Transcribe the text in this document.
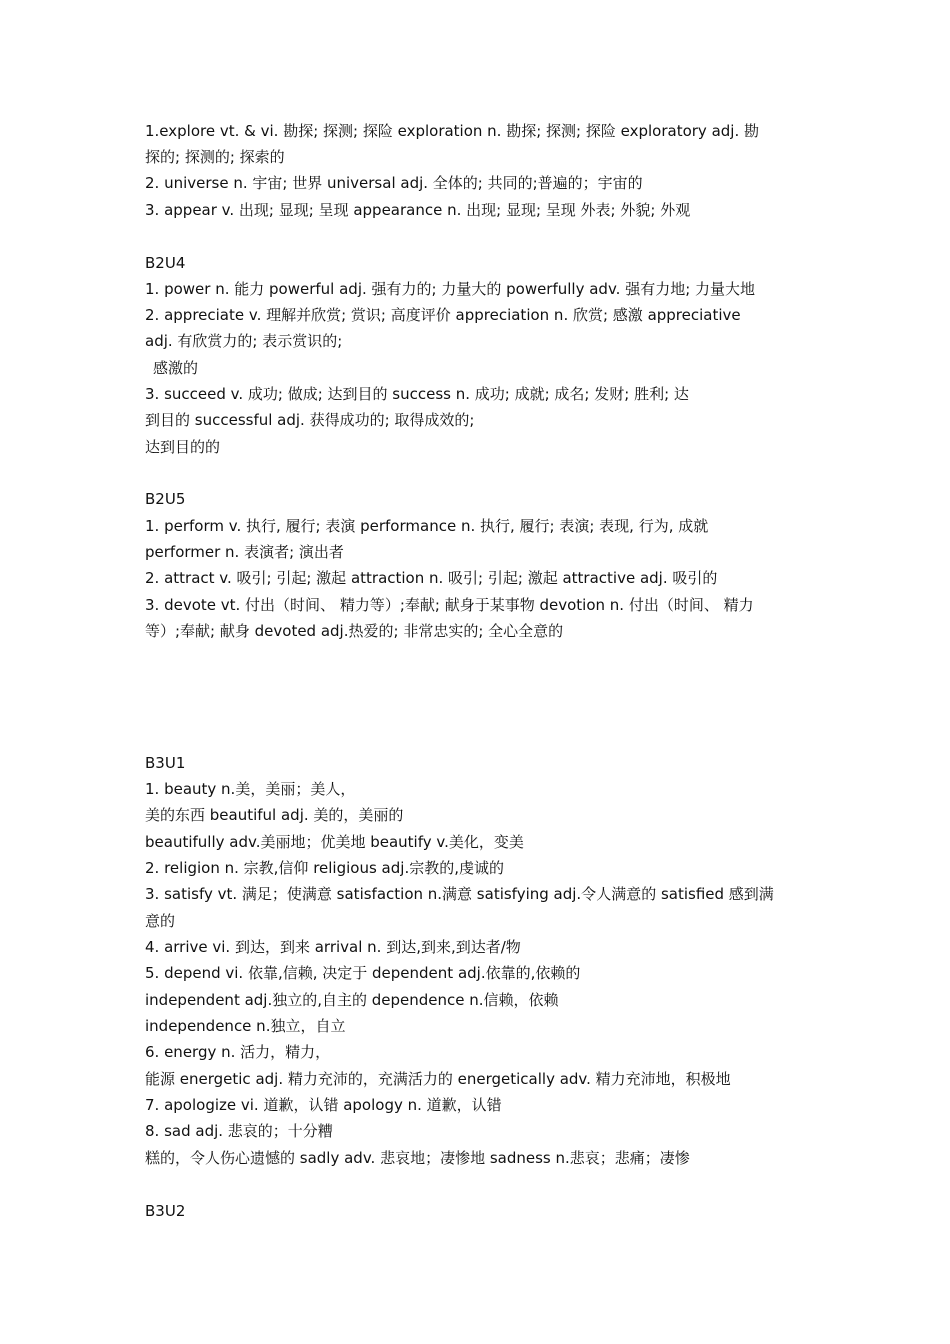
1.explore vt. & vi. 勘探; 探测; 探险 exploration n. 勘探; 探测; 探险 exploratory adj. 勘
探的; 探测的; 探索的
2. universe n. 宇宙; 世界 universal adj. 全体的; 共同的;普遍的；宇宙的
3. appear v. 出现; 显现; 呈现 appearance n. 出现; 显现; 呈现 外表; 外貌; 外观
B2U4
1. power n. 能力 powerful adj. 强有力的; 力量大的 powerfully adv. 强有力地; 力量大地
2. appreciate v. 理解并欣赏; 赏识; 高度评价 appreciation n. 欣赏; 感激 appreciative
adj. 有欣赏力的; 表示赏识的;
感激的
3. succeed v. 成功; 做成; 达到目的 success n. 成功; 成就; 成名; 发财; 胜利; 达
到目的 successful adj. 获得成功的; 取得成效的;
达到目的的
B2U5
1. perform v. 执行, 履行; 表演 performance n. 执行, 履行; 表演; 表现, 行为, 成就
performer n. 表演者; 演出者
2. attract v. 吸引; 引起; 激起 attraction n. 吸引; 引起; 激起 attractive adj. 吸引的
3. devote vt. 付出（时间、 精力等）;奉献; 献身于某事物 devotion n. 付出（时间、 精力
等）;奉献; 献身 devoted adj.热爱的; 非常忠实的; 全心全意的
B3U1
1. beauty n.美，美丽；美人，
美的东西 beautiful adj. 美的，美丽的
beautifully adv.美丽地；优美地 beautify v.美化，变美
2. religion n. 宗教,信仰 religious adj.宗教的,虔诚的
3. satisfy vt. 满足；使满意 satisfaction n.满意 satisfying adj.令人满意的 satisfied 感到满
意的
4. arrive vi. 到达，到来 arrival n. 到达,到来,到达者/物
5. depend vi. 依靠,信赖, 决定于 dependent adj.依靠的,依赖的
independent adj.独立的,自主的 dependence n.信赖，依赖
independence n.独立，自立
6. energy n. 活力，精力，
能源 energetic adj. 精力充沛的，充满活力的 energetically adv. 精力充沛地，积极地
7. apologize vi. 道歉，认错 apology n. 道歉，认错
8. sad adj. 悲哀的；十分糟
糕的，令人伤心遗憾的 sadly adv. 悲哀地；凄惨地 sadness n.悲哀；悲痛；凄惨
B3U2
